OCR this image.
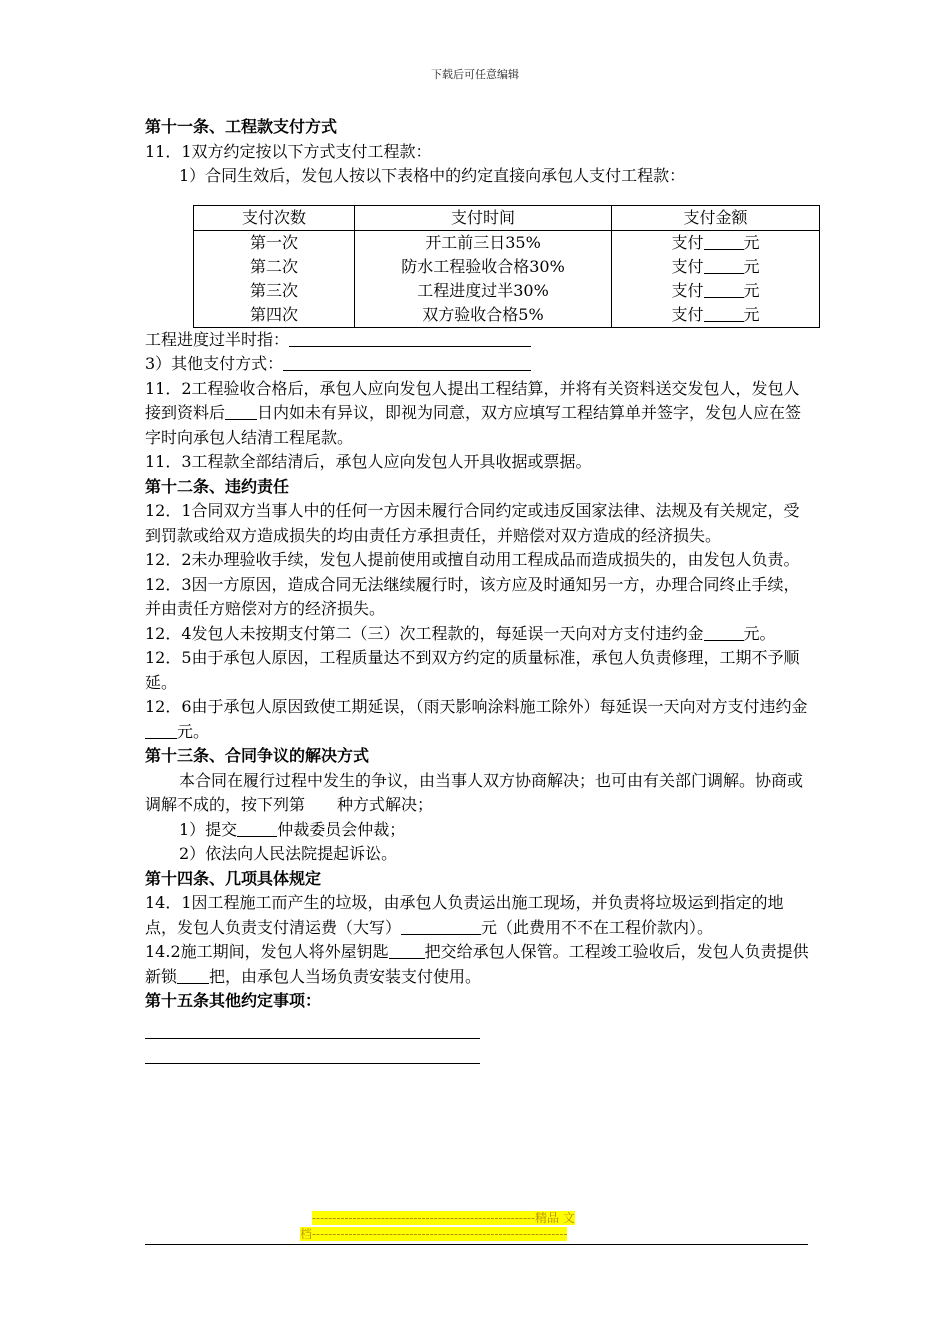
下载后可任意编辑

第十一条、工程款支付方式

11．1双方约定按以下方式支付工程款：

1）合同生效后，发包人按以下表格中的约定直接向承包人支付工程款：

支付次数	支付时间	支付金额
第一次	开工前三日35%	支付 元
第二次	防水工程验收合格30%	支付 元
第三次	工程进度过半30%	支付 元
第四次	双方验收合格5%	支付 元

工程进度过半时指：

3）其他支付方式：

11．2工程验收合格后，承包人应向发包人提出工程结算，并将有关资料送交发包人，发包人接到资料后 日内如未有异议，即视为同意，双方应填写工程结算单并签字，发包人应在签字时向承包人结清工程尾款。

11．3工程款全部结清后，承包人应向发包人开具收据或票据。

第十二条、违约责任

12．1合同双方当事人中的任何一方因未履行合同约定或违反国家法律、法规及有关规定，受到罚款或给双方造成损失的均由责任方承担责任，并赔偿对双方造成的经济损失。

12．2未办理验收手续，发包人提前使用或擅自动用工程成品而造成损失的，由发包人负责。

12．3因一方原因，造成合同无法继续履行时，该方应及时通知另一方，办理合同终止手续，并由责任方赔偿对方的经济损失。

12．4发包人未按期支付第二（三）次工程款的，每延误一天向对方支付违约金	元。

12．5由于承包人原因，工程质量达不到双方约定的质量标准，承包人负责修理，工期不予顺延。

12．6由于承包人原因致使工期延误，（雨天影响涂料施工除外）每延误一天向对方支付违约金元。

第十三条、合同争议的解决方式

本合同在履行过程中发生的争议，由当事人双方协商解决；也可由有关部门调解。协商或调解不成的，按下列第　　种方式解决；

1）提交	仲裁委员会仲裁；

2）依法向人民法院提起诉讼。

第十四条、几项具体规定

14．1因工程施工而产生的垃圾，由承包人负责运出施工现场，并负责将垃圾运到指定的地点，发包人负责支付清运费（大写）	元（此费用不不在工程价款内）。

14.2施工期间，发包人将外屋钥匙 把交给承包人保管。工程竣工验收后，发包人负责提供新锁 把，由承包人当场负责安装支付使用。

第十五条其他约定事项：

-------------------------------------------------------精品 文
档---------------------------------------------------------------
